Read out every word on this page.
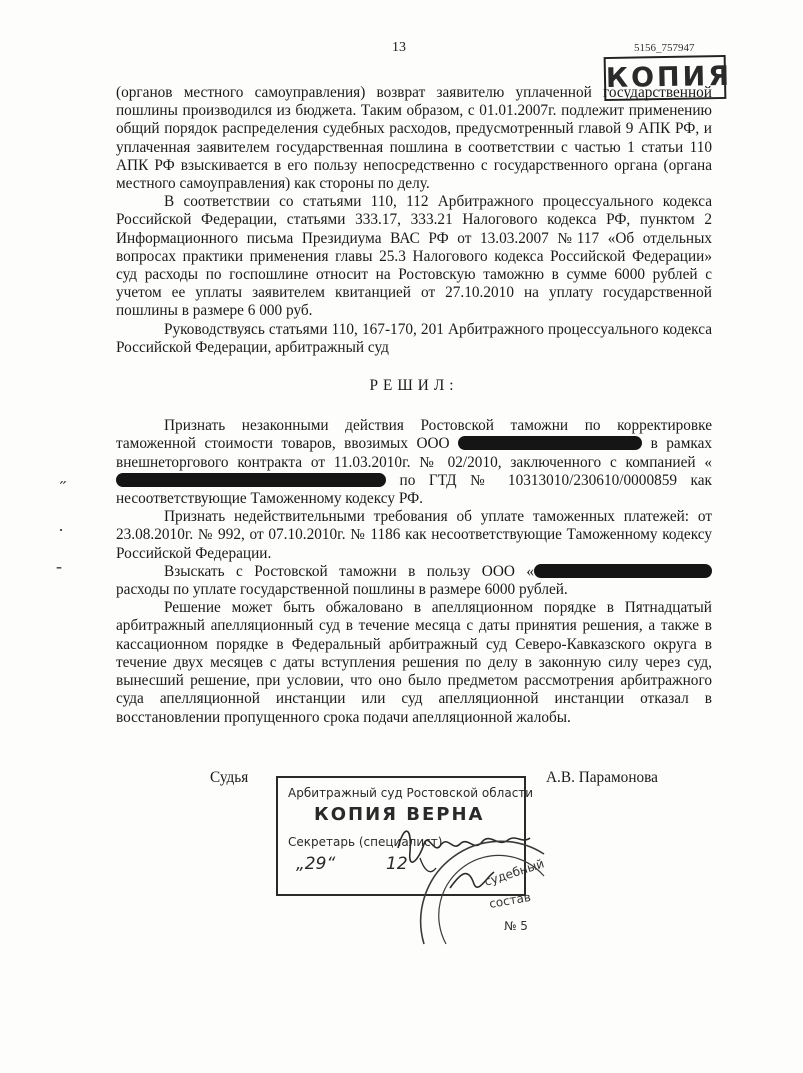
13	5156_757947
КОПИЯ
˝
·
‑

(органов местного самоуправления) возврат заявителю уплаченной государственной пошлины производился из бюджета. Таким образом, с 01.01.2007г. подлежит применению общий порядок распределения судебных расходов, предусмотренный главой 9 АПК РФ, и уплаченная заявителем государственная пошлина в соответствии с частью 1 статьи 110 АПК РФ взыскивается в его пользу непосредственно с государственного органа (органа местного самоуправления) как стороны по делу.

В соответствии со статьями 110, 112 Арбитражного процессуального кодекса Российской Федерации, статьями 333.17, 333.21 Налогового кодекса РФ, пунктом 2 Информационного письма Президиума ВАС РФ от 13.03.2007 №117 «Об отдельных вопросах практики применения главы 25.3 Налогового кодекса Российской Федерации» суд расходы по госпошлине относит на Ростовскую таможню в сумме 6000 рублей с учетом ее уплаты заявителем квитанцией от 27.10.2010 на уплату государственной пошлины в размере 6 000 руб.

Руководствуясь статьями 110, 167-170, 201 Арбитражного процессуального кодекса Российской Федерации, арбитражный суд

РЕШИЛ:

Признать незаконными действия Ростовской таможни по корректировке таможенной стоимости товаров, ввозимых ООО	в рамках внешнеторгового контракта от 11.03.2010г. № 02/2010, заключенного с компанией « по ГТД № 10313010/230610/0000859 как несоответствующие Таможенному кодексу РФ.

Признать недействительными требования об уплате таможенных платежей: от 23.08.2010г. № 992, от 07.10.2010г. № 1186 как несоответствующие Таможенному кодексу Российской Федерации.

Взыскать с Ростовской таможни в пользу ООО « расходы по уплате государственной пошлины в размере 6000 рублей.

Решение может быть обжаловано в апелляционном порядке в Пятнадцатый арбитражный апелляционный суд в течение месяца с даты принятия решения, а также в кассационном порядке в Федеральный арбитражный суд Северо-Кавказского округа в течение двух месяцев с даты вступления решения по делу в законную силу через суд, вынесший решение, при условии, что оно было предметом рассмотрения арбитражного суда апелляционной инстанции или суд апелляционной инстанции отказал в восстановлении пропущенного срока подачи апелляционной жалобы.

Судья	А.В. Парамонова
Арбитражный суд Ростовской области
КОПИЯ ВЕРНА
Секретарь (специалист)
„29“	12	судебный
состав
№ 5
